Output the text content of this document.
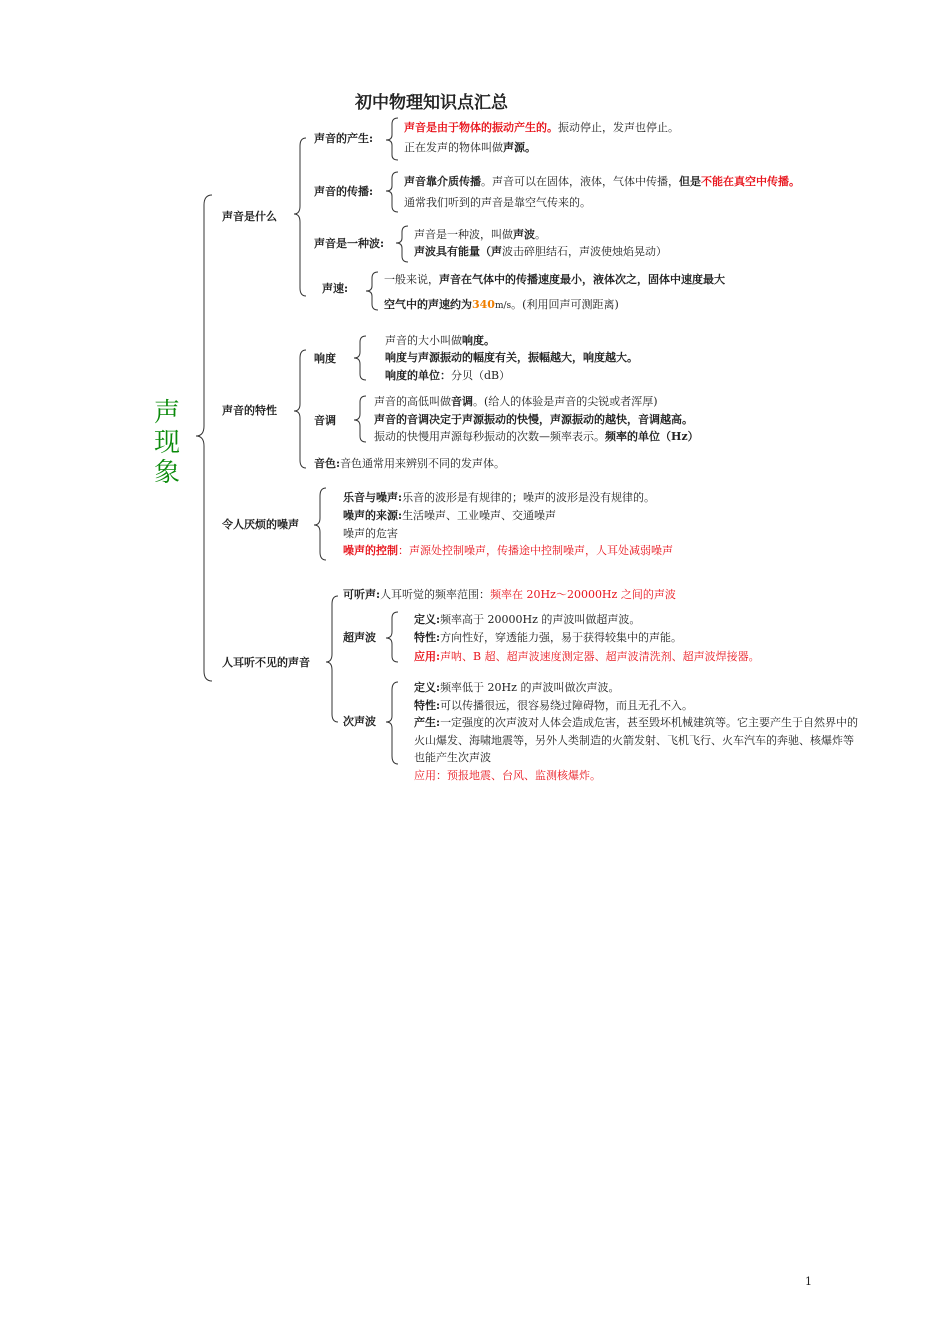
初中物理知识点汇总
声
现
象
声音是什么
声音的特性
令人厌烦的噪声
人耳听不见的声音
声音的产生:
声音是由于物体的振动产生的。振动停止，发声也停止。
正在发声的物体叫做声源。
声音的传播:
声音靠介质传播。声音可以在固体，液体，气体中传播，但是不能在真空中传播。
通常我们听到的声音是靠空气传来的。
声音是一种波:
声音是一种波，叫做声波。
声波具有能量（声波击碎胆结石，声波使烛焰晃动）
声速:
一般来说，声音在气体中的传播速度最小，液体次之，固体中速度最大
空气中的声速约为340m/s。(利用回声可测距离)
响度
声音的大小叫做响度。
响度与声源振动的幅度有关，振幅越大，响度越大。
响度的单位：分贝（dB）
音调
声音的高低叫做音调。(给人的体验是声音的尖锐或者浑厚)
声音的音调决定于声源振动的快慢，声源振动的越快，音调越高。
振动的快慢用声源每秒振动的次数—频率表示。频率的单位（Hz）
音色:音色通常用来辨别不同的发声体。
乐音与噪声:乐音的波形是有规律的；噪声的波形是没有规律的。
噪声的来源:生活噪声、工业噪声、交通噪声
噪声的危害
噪声的控制：声源处控制噪声，传播途中控制噪声，人耳处减弱噪声
可听声:人耳听觉的频率范围：频率在 20Hz～20000Hz 之间的声波
超声波
定义:频率高于 20000Hz 的声波叫做超声波。
特性:方向性好，穿透能力强，易于获得较集中的声能。
应用:声呐、B 超、超声波速度测定器、超声波清洗剂、超声波焊接器。
次声波
定义:频率低于 20Hz 的声波叫做次声波。
特性:可以传播很远，很容易绕过障碍物，而且无孔不入。
产生:一定强度的次声波对人体会造成危害，甚至毁坏机械建筑等。它主要产生于自然界中的
火山爆发、海啸地震等，另外人类制造的火箭发射、飞机飞行、火车汽车的奔驰、核爆炸等
也能产生次声波
应用：预报地震、台风、监测核爆炸。
1
